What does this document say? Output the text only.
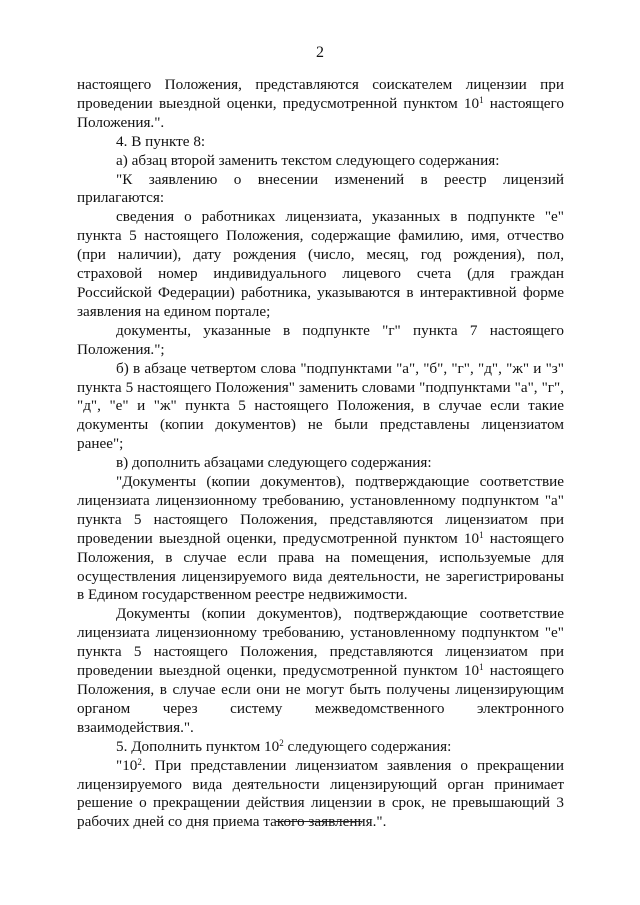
2

настоящего Положения, представляются соискателем лицензии при проведении выездной оценки, предусмотренной пунктом $10^1$ настоящего Положения.".

4. В пункте 8:

а) абзац второй заменить текстом следующего содержания:

"К заявлению о внесении изменений в реестр лицензий прилагаются:

сведения о работниках лицензиата, указанных в подпункте "е" пункта 5 настоящего Положения, содержащие фамилию, имя, отчество (при наличии), дату рождения (число, месяц, год рождения), пол, страховой номер индивидуального лицевого счета (для граждан Российской Федерации) работника, указываются в интерактивной форме заявления на едином портале;

документы, указанные в подпункте "г" пункта 7 настоящего Положения.";

б) в абзаце четвертом слова "подпунктами "а", "б", "г", "д", "ж" и "з" пункта 5 настоящего Положения" заменить словами "подпунктами "а", "г", "д", "е" и "ж" пункта 5 настоящего Положения, в случае если такие документы (копии документов) не были представлены лицензиатом ранее";

в) дополнить абзацами следующего содержания:

"Документы (копии документов), подтверждающие соответствие лицензиата лицензионному требованию, установленному подпунктом "а" пункта 5 настоящего Положения, представляются лицензиатом при проведении выездной оценки, предусмотренной пунктом $10^1$ настоящего Положения, в случае если права на помещения, используемые для осуществления лицензируемого вида деятельности, не зарегистрированы в Едином государственном реестре недвижимости.

Документы (копии документов), подтверждающие соответствие лицензиата лицензионному требованию, установленному подпунктом "е" пункта 5 настоящего Положения, представляются лицензиатом при проведении выездной оценки, предусмотренной пунктом $10^1$ настоящего Положения, в случае если они не могут быть получены лицензирующим органом через систему межведомственного электронного взаимодействия.".

5. Дополнить пунктом $10^2$ следующего содержания:

"$10^2$. При представлении лицензиатом заявления о прекращении лицензируемого вида деятельности лицензирующий орган принимает решение о прекращении действия лицензии в срок, не превышающий 3 рабочих дней со дня приема такого заявления.".
